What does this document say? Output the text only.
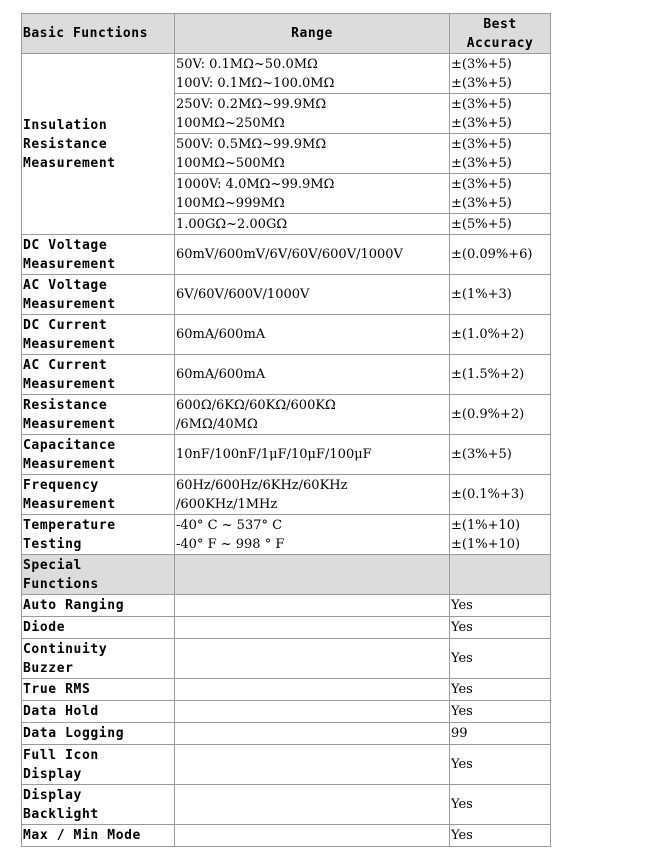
Basic Functions	Range	Best
Accuracy

Insulation
Resistance
Measurement	50V: 0.1MΩ~50.0MΩ
100V: 0.1MΩ~100.0MΩ	±(3%+5)
±(3%+5)

	250V: 0.2MΩ~99.9MΩ
100MΩ~250MΩ	±(3%+5)
±(3%+5)

	500V: 0.5MΩ~99.9MΩ
100MΩ~500MΩ	±(3%+5)
±(3%+5)

	1000V: 4.0MΩ~99.9MΩ
100MΩ~999MΩ	±(3%+5)
±(3%+5)

	1.00GΩ~2.00GΩ	±(5%+5)

DC Voltage
Measurement	60mV/600mV/6V/60V/600V/1000V	±(0.09%+6)

AC Voltage
Measurement	6V/60V/600V/1000V	±(1%+3)

DC Current
Measurement	60mA/600mA	±(1.0%+2)

AC Current
Measurement	60mA/600mA	±(1.5%+2)

Resistance
Measurement	600Ω/6KΩ/60KΩ/600KΩ
/6MΩ/40MΩ	±(0.9%+2)

Capacitance
Measurement	10nF/100nF/1μF/10μF/100μF	±(3%+5)

Frequency
Measurement	60Hz/600Hz/6KHz/60KHz
/600KHz/1MHz	±(0.1%+3)

Temperature
Testing	-40° C ~ 537° C
-40° F ~ 998 ° F	±(1%+10)
±(1%+10)

Special
Functions		

Auto Ranging		Yes

Diode		Yes

Continuity
Buzzer		Yes

True RMS		Yes

Data Hold		Yes

Data Logging		99

Full Icon
Display		Yes

Display
Backlight		Yes

Max / Min Mode		Yes
